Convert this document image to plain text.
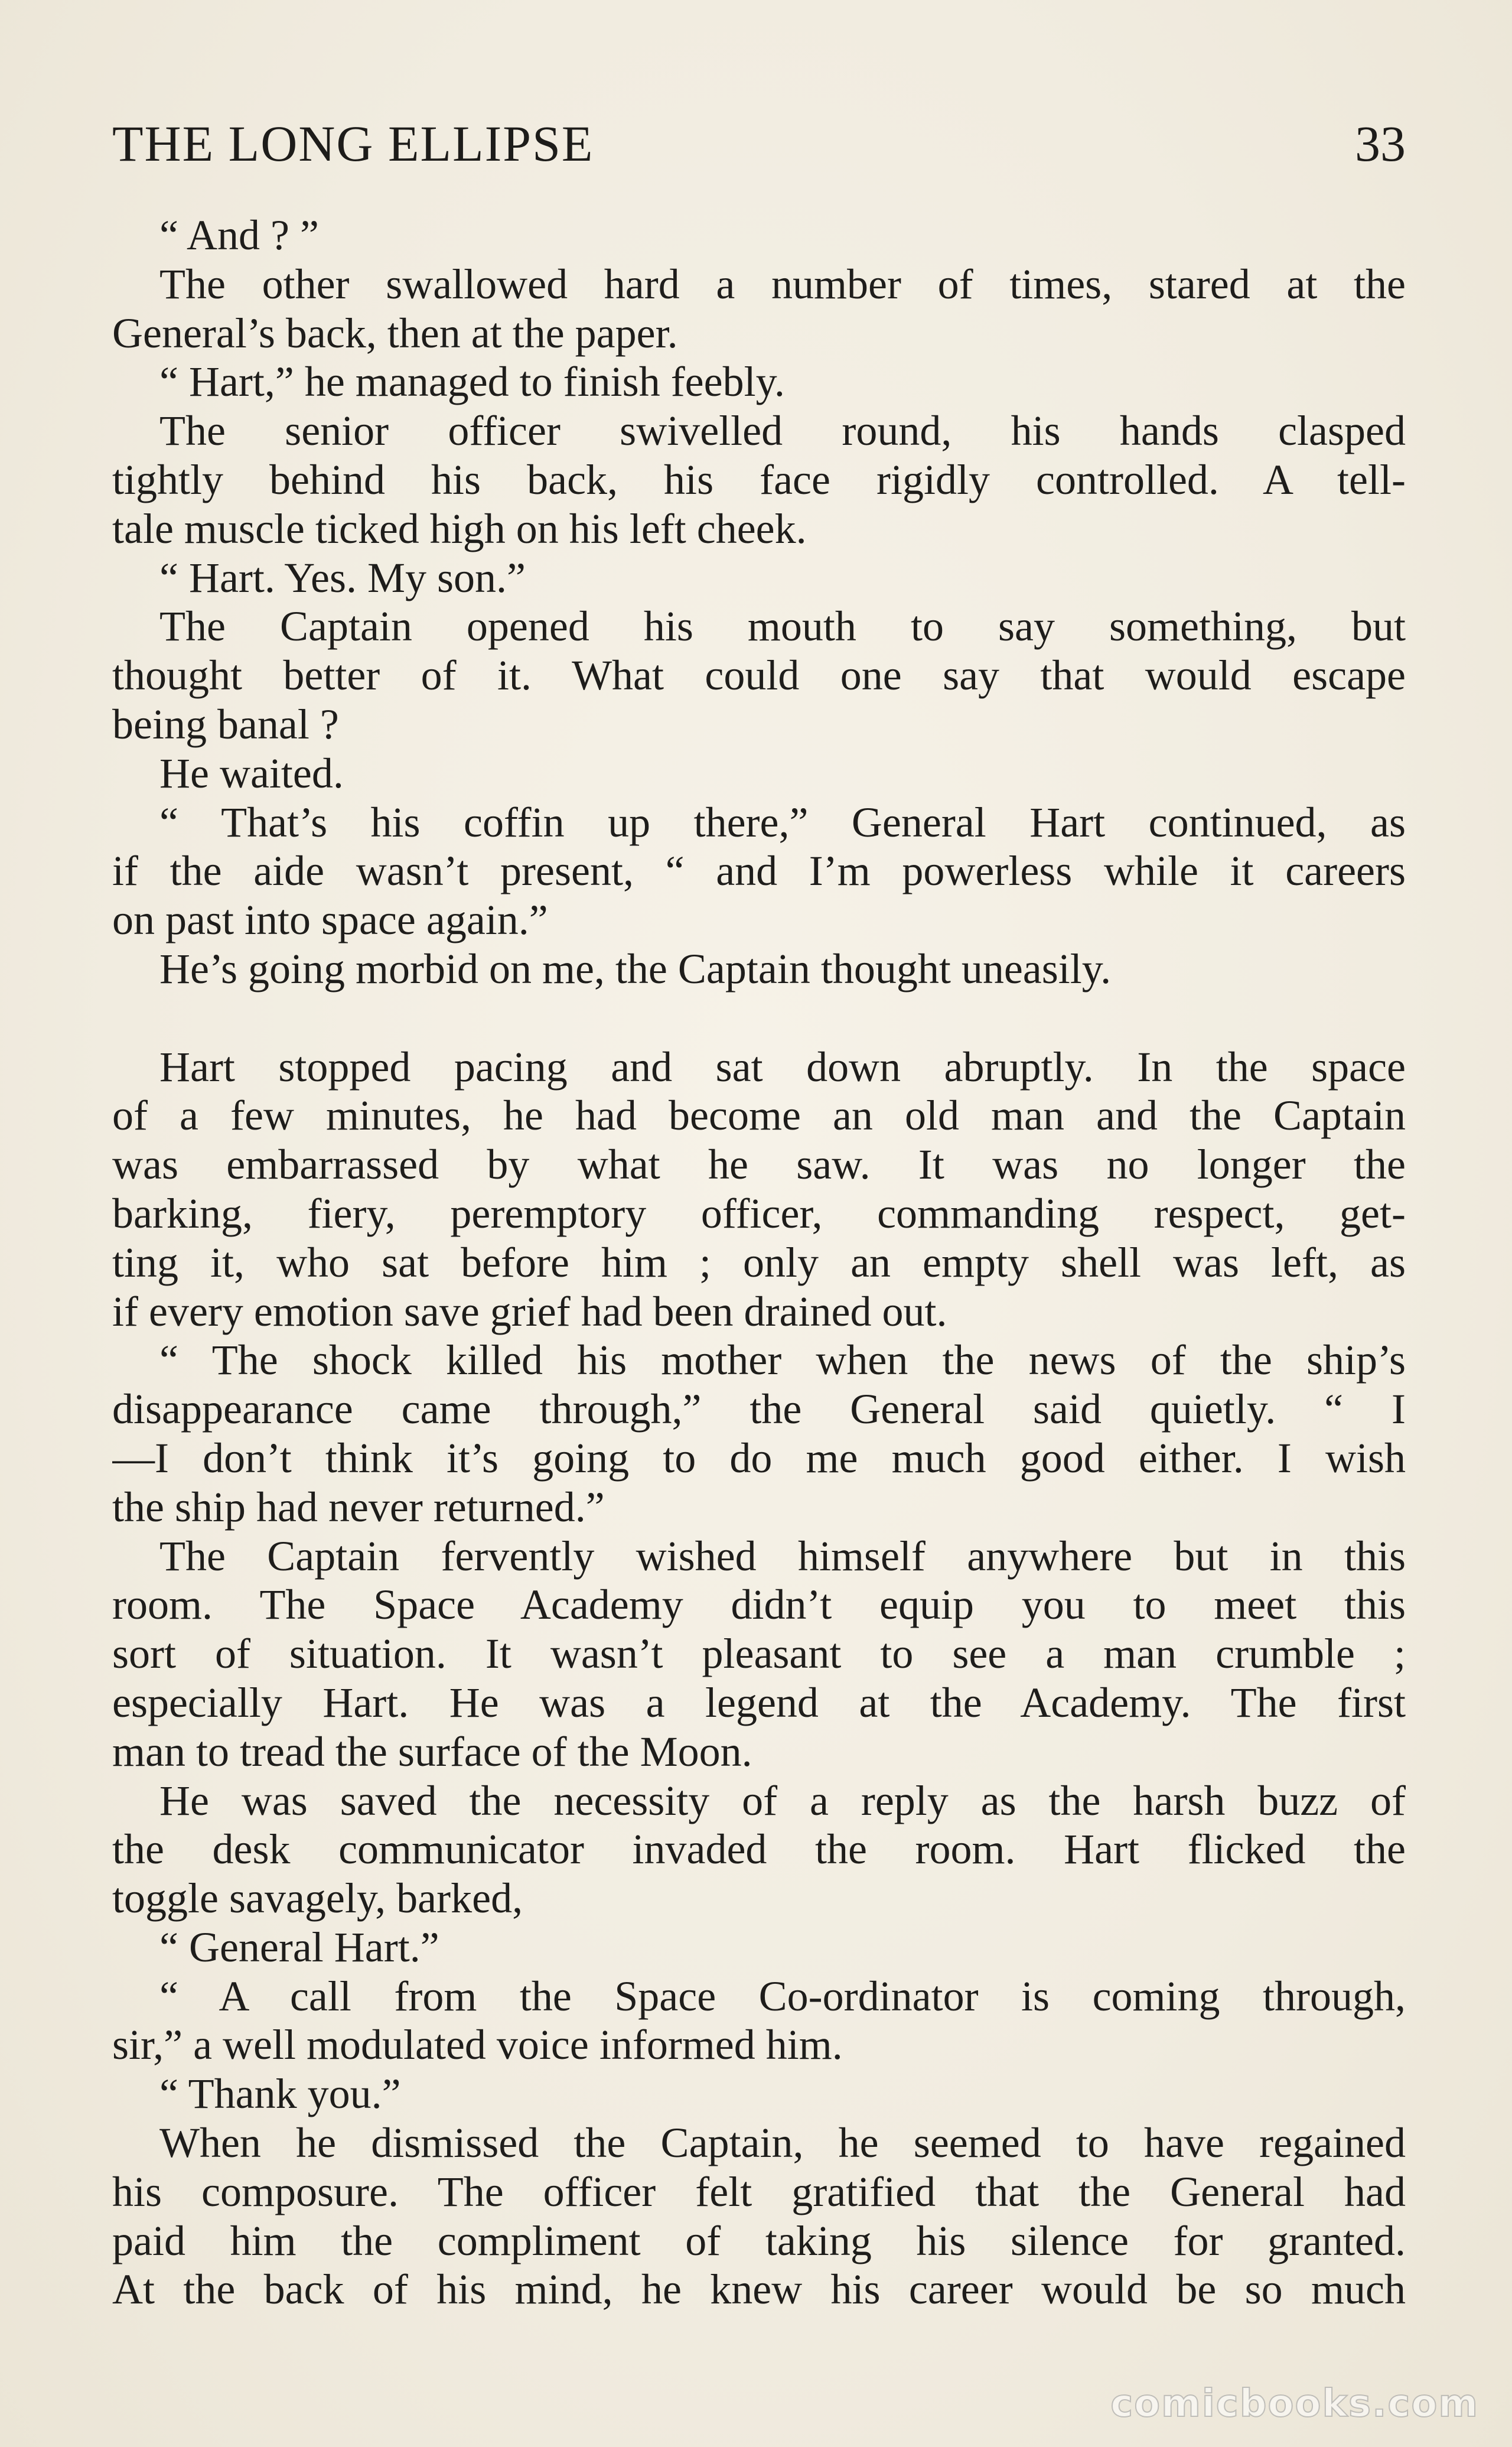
THE LONG ELLIPSE	33
“ And ? ”
The other swallowed hard a number of times, stared at the
General’s back, then at the paper.
“ Hart,” he managed to finish feebly.
The senior officer swivelled round, his hands clasped
tightly behind his back, his face rigidly controlled. A tell-
tale muscle ticked high on his left cheek.
“ Hart. Yes. My son.”
The Captain opened his mouth to say something, but
thought better of it. What could one say that would escape
being banal ?
He waited.
“ That’s his coffin up there,” General Hart continued, as
if the aide wasn’t present, “ and I’m powerless while it careers
on past into space again.”
He’s going morbid on me, the Captain thought uneasily.
Hart stopped pacing and sat down abruptly. In the space
of a few minutes, he had become an old man and the Captain
was embarrassed by what he saw. It was no longer the
barking, fiery, peremptory officer, commanding respect, get-
ting it, who sat before him ; only an empty shell was left, as
if every emotion save grief had been drained out.
“ The shock killed his mother when the news of the ship’s
disappearance came through,” the General said quietly. “ I
—I don’t think it’s going to do me much good either. I wish
the ship had never returned.”
The Captain fervently wished himself anywhere but in this
room. The Space Academy didn’t equip you to meet this
sort of situation. It wasn’t pleasant to see a man crumble ;
especially Hart. He was a legend at the Academy. The first
man to tread the surface of the Moon.
He was saved the necessity of a reply as the harsh buzz of
the desk communicator invaded the room. Hart flicked the
toggle savagely, barked,
“ General Hart.”
“ A call from the Space Co-ordinator is coming through,
sir,” a well modulated voice informed him.
“ Thank you.”
When he dismissed the Captain, he seemed to have regained
his composure. The officer felt gratified that the General had
paid him the compliment of taking his silence for granted.
At the back of his mind, he knew his career would be so much
comicbooks.com
